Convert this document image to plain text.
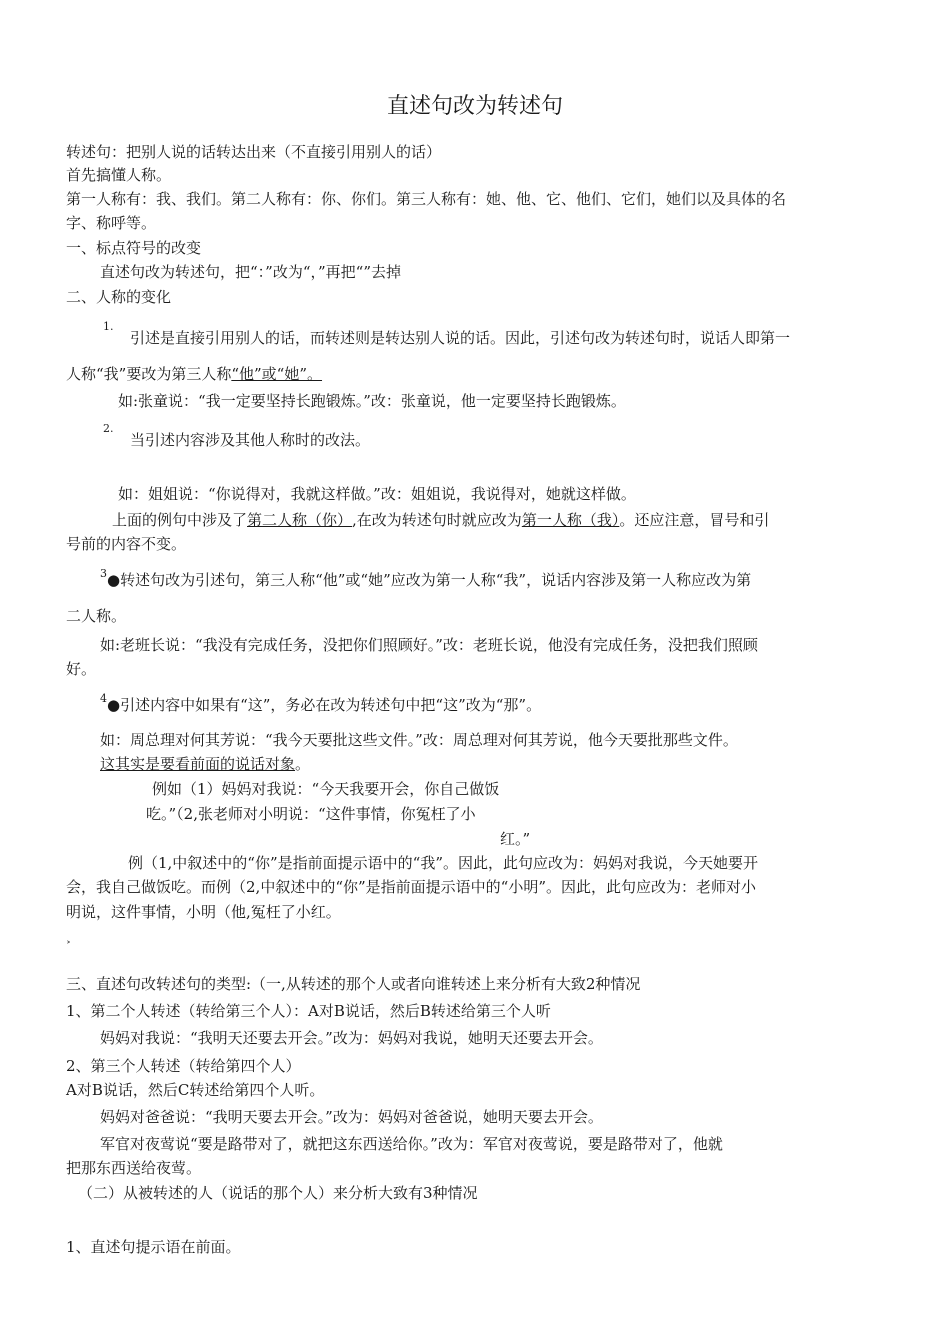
直述句改为转述句
转述句：把别人说的话转达出来（不直接引用别人的话）
首先搞懂人称。
第一人称有：我、我们。第二人称有：你、你们。第三人称有：她、他、它、他们、它们，她们以及具体的名
字、称呼等。
一、标点符号的改变
直述句改为转述句，把“：”改为“，”再把“”去掉
二、人称的变化
$^{1.}$
引述是直接引用别人的话，而转述则是转达别人说的话。因此，引述句改为转述句时，说话人即第一
人称“我”要改为第三人称“他”或“她”。
如:张童说：“我一定要坚持长跑锻炼。”改：张童说，他一定要坚持长跑锻炼。
$^{2.}$
当引述内容涉及其他人称时的改法。
如：姐姐说：“你说得对，我就这样做。”改：姐姐说，我说得对，她就这样做。
上面的例句中涉及了第二人称（你）,在改为转述句时就应改为第一人称（我）。还应注意，冒号和引
号前的内容不变。
$^3$●转述句改为引述句，第三人称“他”或“她”应改为第一人称“我”，说话内容涉及第一人称应改为第
二人称。
如:老班长说：“我没有完成任务，没把你们照顾好。”改：老班长说，他没有完成任务，没把我们照顾
好。
$^4$●引述内容中如果有“这”，务必在改为转述句中把“这”改为“那”。
如：周总理对何其芳说：“我今天要批这些文件。”改：周总理对何其芳说，他今天要批那些文件。
这其实是要看前面的说话对象。
例如（1）妈妈对我说：“今天我要开会，你自己做饭
吃。”（2,张老师对小明说：“这件事情，你冤枉了小
红。”
例（1,中叙述中的“你”是指前面提示语中的“我”。因此，此句应改为：妈妈对我说，今天她要开
会，我自己做饭吃。而例（2,中叙述中的“你”是指前面提示语中的“小明”。因此，此句应改为：老师对小
明说，这件事情，小明（他,冤枉了小红。
˃
三、直述句改转述句的类型:（一,从转述的那个人或者向谁转述上来分析有大致2种情况
1、第二个人转述（转给第三个人）：A对B说话，然后B转述给第三个人听
妈妈对我说：“我明天还要去开会。”改为：妈妈对我说，她明天还要去开会。
2、第三个人转述（转给第四个人）
A对B说话，然后C转述给第四个人听。
妈妈对爸爸说：“我明天要去开会。”改为：妈妈对爸爸说，她明天要去开会。
军官对夜莺说“要是路带对了，就把这东西送给你。”改为：军官对夜莺说，要是路带对了，他就
把那东西送给夜莺。
（二）从被转述的人（说话的那个人）来分析大致有3种情况
1、直述句提示语在前面。
